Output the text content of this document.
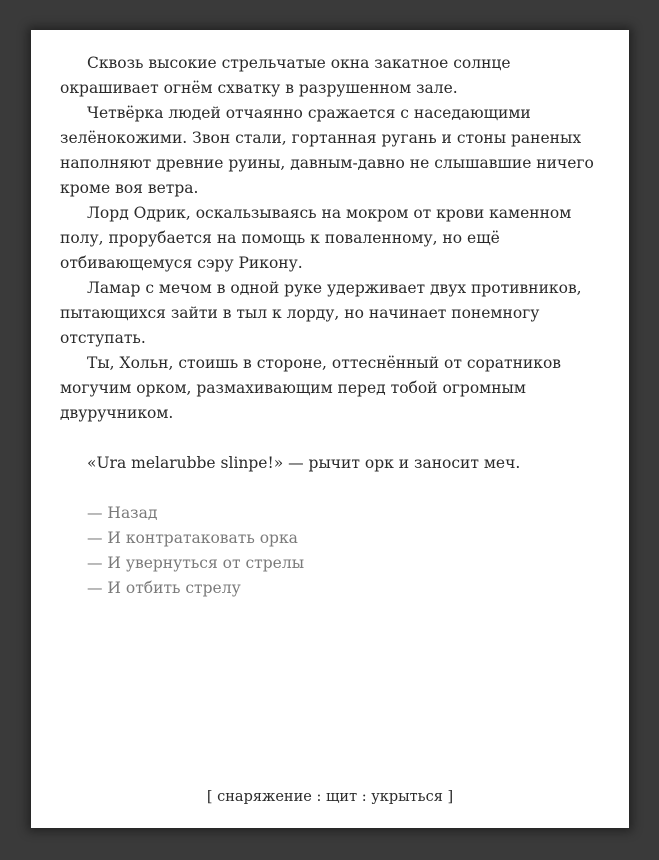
Сквозь высокие стрельчатые окна закатное солнце окрашивает огнём схватку в разрушенном зале.

Четвёрка людей отчаянно сражается с наседающими зелёнокожими. Звон стали, гортанная ругань и стоны раненых наполняют древние руины, давным-давно не слышавшие ничего кроме воя ветра.

Лорд Одрик, оскальзываясь на мокром от крови каменном полу, прорубается на помощь к поваленному, но ещё отбивающемуся сэру Рикону.

Ламар с мечом в одной руке удерживает двух противников, пытающихся зайти в тыл к лорду, но начинает понемногу отступать.

Ты, Хольн, стоишь в стороне, оттеснённый от соратников могучим орком, размахивающим перед тобой огромным двуручником.

«Ura melarubbe slinpe!» — рычит орк и заносит меч.

— Назад
— И контратаковать орка
— И увернуться от стрелы
— И отбить стрелу
[ снаряжение : щит : укрыться ]
